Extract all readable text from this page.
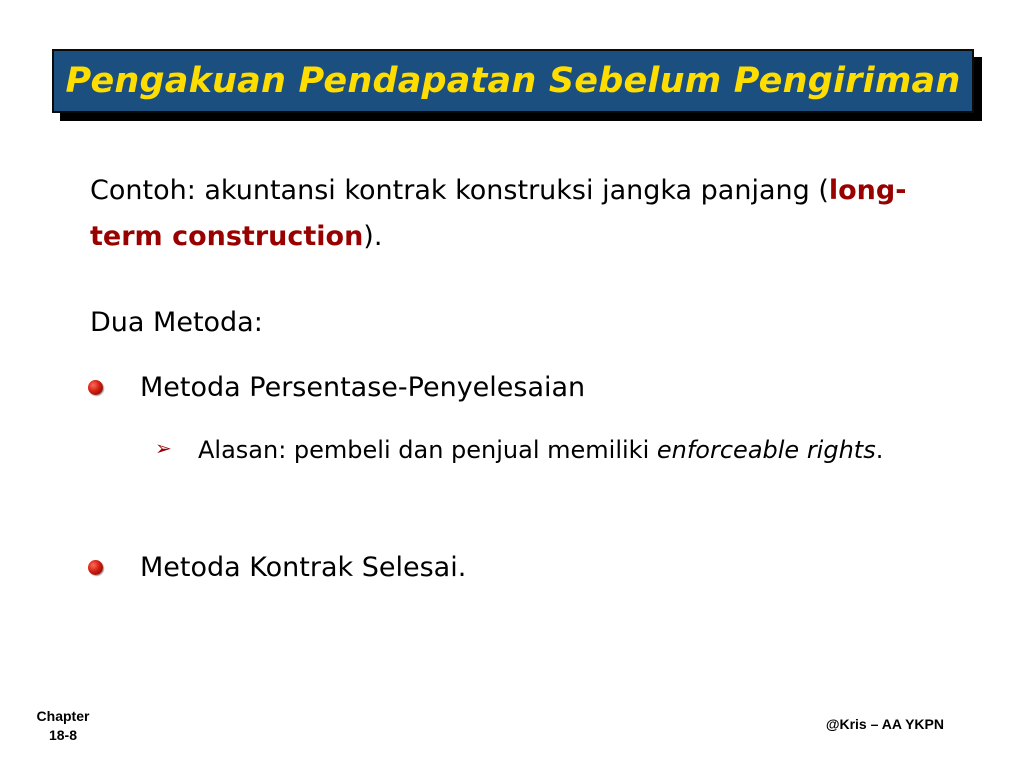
Pengakuan Pendapatan Sebelum Pengiriman
Contoh: akuntansi kontrak konstruksi jangka panjang (long-term construction).
Dua Metoda:
Metoda Persentase-Penyelesaian
➢ Alasan: pembeli dan penjual memiliki enforceable rights.
Metoda Kontrak Selesai.
Chapter
18-8
@Kris – AA YKPN
